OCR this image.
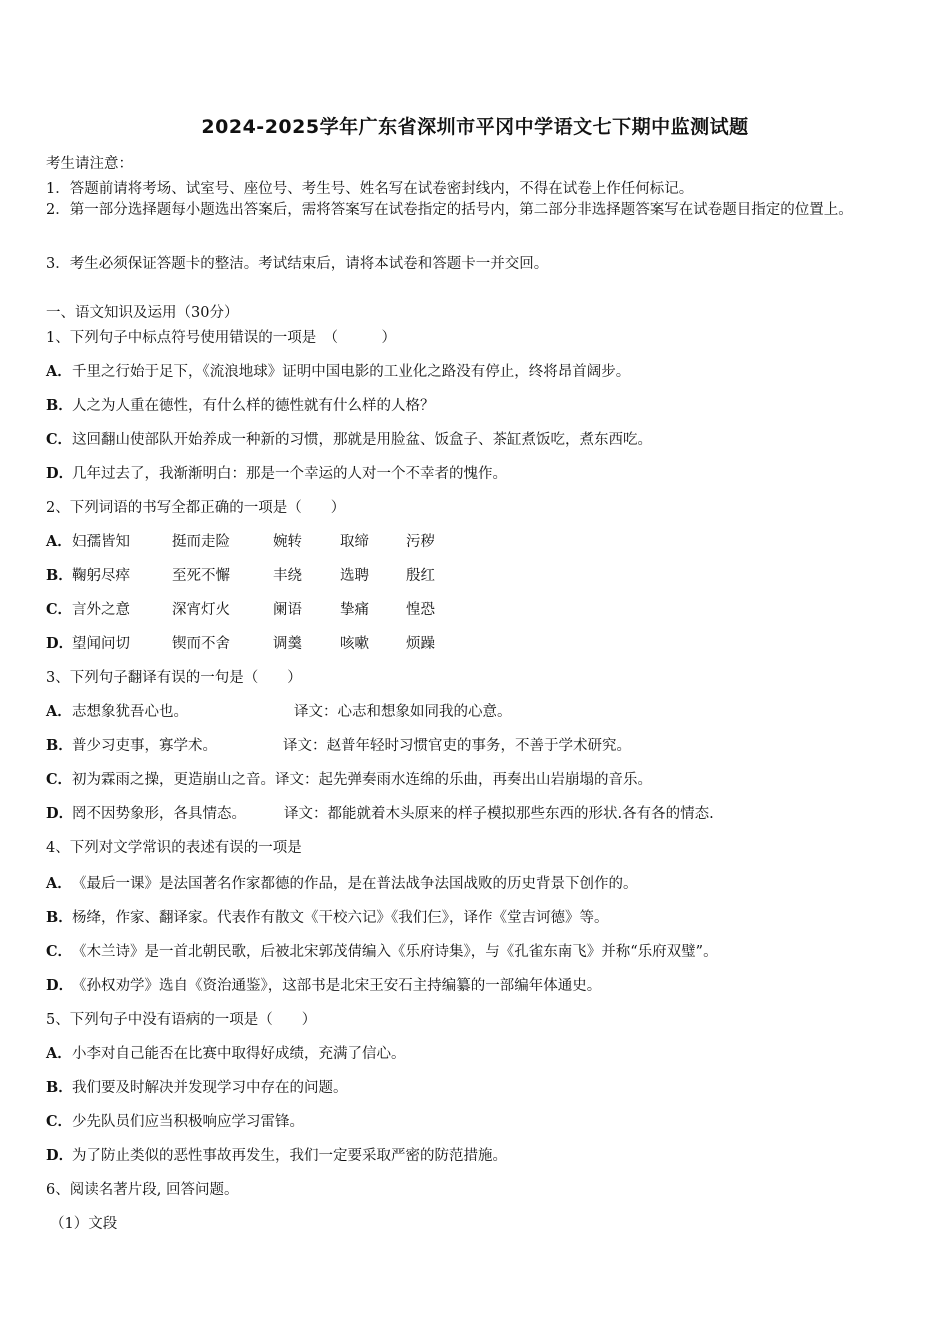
2024-2025学年广东省深圳市平冈中学语文七下期中监测试题
考生请注意：
1．答题前请将考场、试室号、座位号、考生号、姓名写在试卷密封线内，不得在试卷上作任何标记。
2．第一部分选择题每小题选出答案后，需将答案写在试卷指定的括号内，第二部分非选择题答案写在试卷题目指定的位置上。
3．考生必须保证答题卡的整洁。考试结束后，请将本试卷和答题卡一并交回。
一、语文知识及运用（30分）
1、下列句子中标点符号使用错误的一项是　（　　　）
A．千里之行始于足下，《流浪地球》证明中国电影的工业化之路没有停止，终将昂首阔步。
B．人之为人重在德性，有什么样的德性就有什么样的人格？
C．这回翻山使部队开始养成一种新的习惯，那就是用脸盆、饭盒子、茶缸煮饭吃，煮东西吃。
D．几年过去了，我渐渐明白：那是一个幸运的人对一个不幸者的愧作。
2、下列词语的书写全都正确的一项是（　　）
A．妇孺皆知	挺而走险	婉转	取缔	污秽
B．鞠躬尽瘁	至死不懈	丰绕	选聘	殷红
C．言外之意	深宵灯火	阑语	挚痛	惶恐
D．望闻问切	锲而不舍	调羹	咳嗽	烦躁
3、下列句子翻译有误的一句是（　　）
A．志想象犹吾心也。	译文：心志和想象如同我的心意。
B．普少习吏事，寡学术。	译文：赵普年轻时习惯官吏的事务，不善于学术研究。
C．初为霖雨之操，更造崩山之音。译文：起先弹奏雨水连绵的乐曲，再奏出山岩崩塌的音乐。
D．罔不因势象形，各具情态。	译文：都能就着木头原来的样子模拟那些东西的形状.各有各的情态.
4、下列对文学常识的表述有误的一项是
A．《最后一课》是法国著名作家都德的作品，是在普法战争法国战败的历史背景下创作的。
B．杨绛，作家、翻译家。代表作有散文《干校六记》《我们仨》，译作《堂吉诃德》等。
C．《木兰诗》是一首北朝民歌，后被北宋郭茂倩编入《乐府诗集》，与《孔雀东南飞》并称“乐府双璧”。
D．《孙权劝学》选自《资治通鉴》，这部书是北宋王安石主持编纂的一部编年体通史。
5、下列句子中没有语病的一项是（　　）
A．小李对自己能否在比赛中取得好成绩，充满了信心。
B．我们要及时解决并发现学习中存在的问题。
C．少先队员们应当积极响应学习雷锋。
D．为了防止类似的恶性事故再发生，我们一定要采取严密的防范措施。
6、阅读名著片段, 回答问题。
（1）文段
